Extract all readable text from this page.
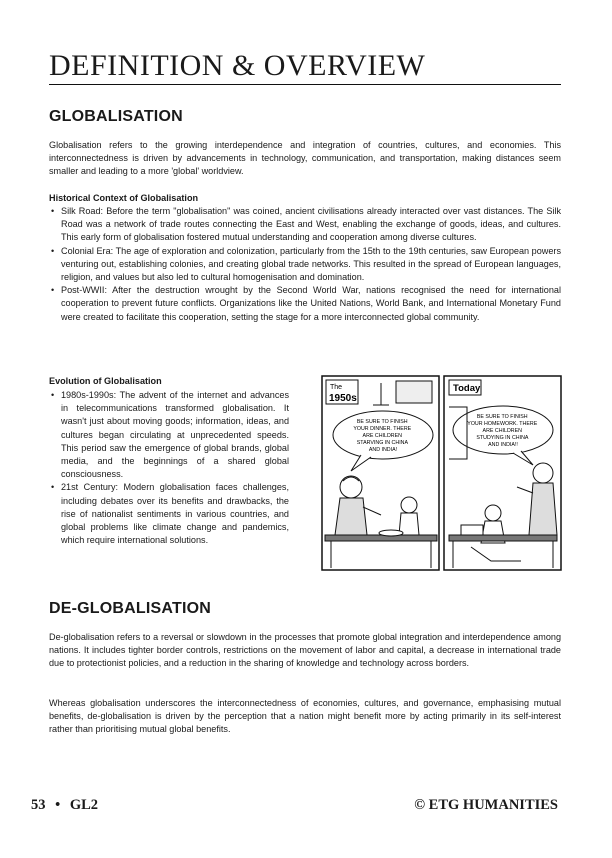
DEFINITION & OVERVIEW
GLOBALISATION
Globalisation refers to the growing interdependence and integration of countries, cultures, and economies. This interconnectedness is driven by advancements in technology, communication, and transportation, making distances seem smaller and leading to a more 'global' worldview.
Historical Context of Globalisation
• Silk Road: Before the term "globalisation" was coined, ancient civilisations already interacted over vast distances. The Silk Road was a network of trade routes connecting the East and West, enabling the exchange of goods, ideas, and cultures. This early form of globalisation fostered mutual understanding and cooperation among diverse cultures.
• Colonial Era: The age of exploration and colonization, particularly from the 15th to the 19th centuries, saw European powers venturing out, establishing colonies, and creating global trade networks. This resulted in the spread of European languages, religion, and values but also led to cultural homogenisation and domination.
• Post-WWII: After the destruction wrought by the Second World War, nations recognised the need for international cooperation to prevent future conflicts. Organizations like the United Nations, World Bank, and International Monetary Fund were created to facilitate this cooperation, setting the stage for a more interconnected global community.
Evolution of Globalisation
• 1980s-1990s: The advent of the internet and advances in telecommunications transformed globalisation. It wasn't just about moving goods; information, ideas, and cultures began circulating at unprecedented speeds. This period saw the emergence of global brands, global media, and the beginnings of a shared global consciousness.
• 21st Century: Modern globalisation faces challenges, including debates over its benefits and drawbacks, the rise of nationalist sentiments in various countries, and global problems like climate change and pandemics, which require international solutions.
The
1950s
BE SURE TO FINISH YOUR DINNER. THERE ARE CHILDREN STARVING IN CHINA AND INDIA!
Today
BE SURE TO FINISH YOUR HOMEWORK. THERE ARE CHILDREN STUDYING IN CHINA AND INDIA!!
DE-GLOBALISATION
De-globalisation refers to a reversal or slowdown in the processes that promote global integration and interdependence among nations. It includes tighter border controls, restrictions on the movement of labor and capital, a decrease in international trade due to protectionist policies, and a reduction in the sharing of knowledge and technology across borders.
Whereas globalisation underscores the interconnectedness of economies, cultures, and governance, emphasising mutual benefits, de-globalisation is driven by the perception that a nation might benefit more by acting primarily in its self-interest rather than prioritising mutual global benefits.
53 • GL2	© ETG HUMANITIES
